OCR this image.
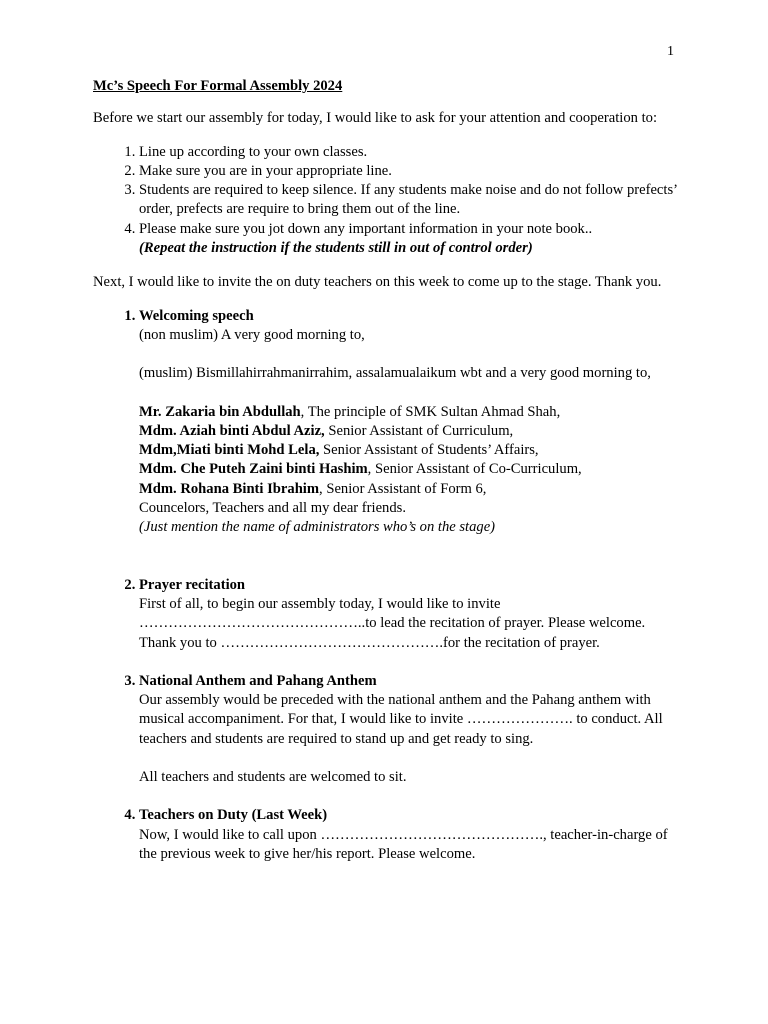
1

Mc’s Speech For Formal Assembly 2024

Before we start our assembly for today, I would like to ask for your attention and cooperation to:

1. Line up according to your own classes.
2. Make sure you are in your appropriate line.
3. Students are required to keep silence. If any students make noise and do not follow prefects’ order, prefects are require to bring them out of the line.
4. Please make sure you jot down any important information in your note book..
(Repeat the instruction if the students still in out of control order)

Next, I would like to invite the on duty teachers on this week to come up to the stage. Thank you.

1. Welcoming speech
(non muslim) A very good morning to,
(muslim) Bismillahirrahmanirrahim, assalamualaikum wbt and a very good morning to,
Mr. Zakaria bin Abdullah, The principle of SMK Sultan Ahmad Shah,
Mdm. Aziah binti Abdul Aziz, Senior Assistant of Curriculum,
Mdm,Miati binti Mohd Lela, Senior Assistant of Students’ Affairs,
Mdm. Che Puteh Zaini binti Hashim, Senior Assistant of Co-Curriculum,
Mdm. Rohana Binti Ibrahim, Senior Assistant of Form 6,
Councelors, Teachers and all my dear friends.
(Just mention the name of administrators who’s on the stage)
2. Prayer recitation
First of all, to begin our assembly today, I would like to invite ………………………………………..to lead the recitation of prayer. Please welcome.
Thank you to ……………………………………….for the recitation of prayer.
3. National Anthem and Pahang Anthem
Our assembly would be preceded with the national anthem and the Pahang anthem with musical accompaniment. For that, I would like to invite …………………. to conduct. All teachers and students are required to stand up and get ready to sing.
All teachers and students are welcomed to sit.
4. Teachers on Duty (Last Week)
Now, I would like to call upon ………………………………………., teacher-in-charge of the previous week to give her/his report. Please welcome.
